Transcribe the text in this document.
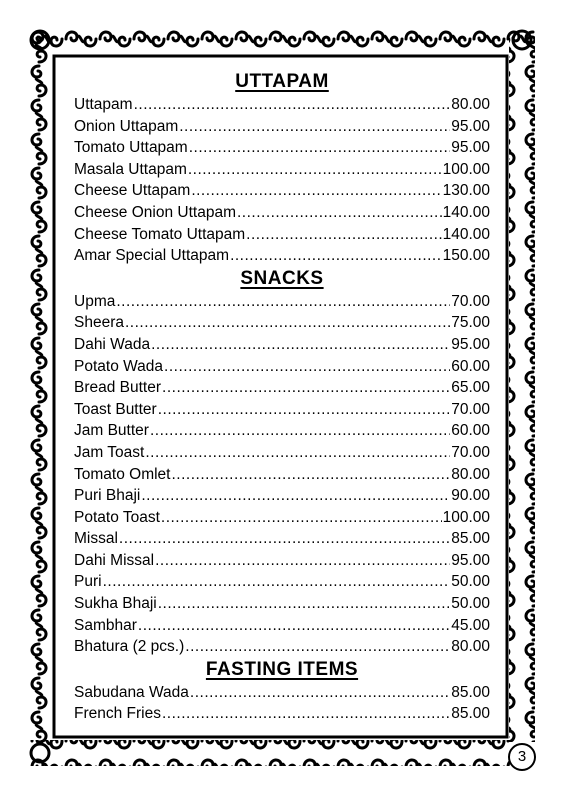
UTTAPAM
Uttapam .....	80.00
Onion Uttapam .....	95.00
Tomato Uttapam .....	95.00
Masala Uttapam .....	100.00
Cheese Uttapam .....	130.00
Cheese Onion Uttapam .....	140.00
Cheese Tomato Uttapam .....	140.00
Amar Special Uttapam .....	150.00
SNACKS
Upma .....	70.00
Sheera .....	75.00
Dahi Wada .....	95.00
Potato Wada .....	60.00
Bread Butter .....	65.00
Toast Butter .....	70.00
Jam Butter .....	60.00
Jam Toast .....	70.00
Tomato Omlet .....	80.00
Puri Bhaji .....	90.00
Potato Toast .....	100.00
Missal .....	85.00
Dahi Missal .....	95.00
Puri .....	50.00
Sukha Bhaji .....	50.00
Sambhar .....	45.00
Bhatura (2 pcs.) .....	80.00
FASTING ITEMS
Sabudana Wada .....	85.00
French Fries .....	85.00
3
